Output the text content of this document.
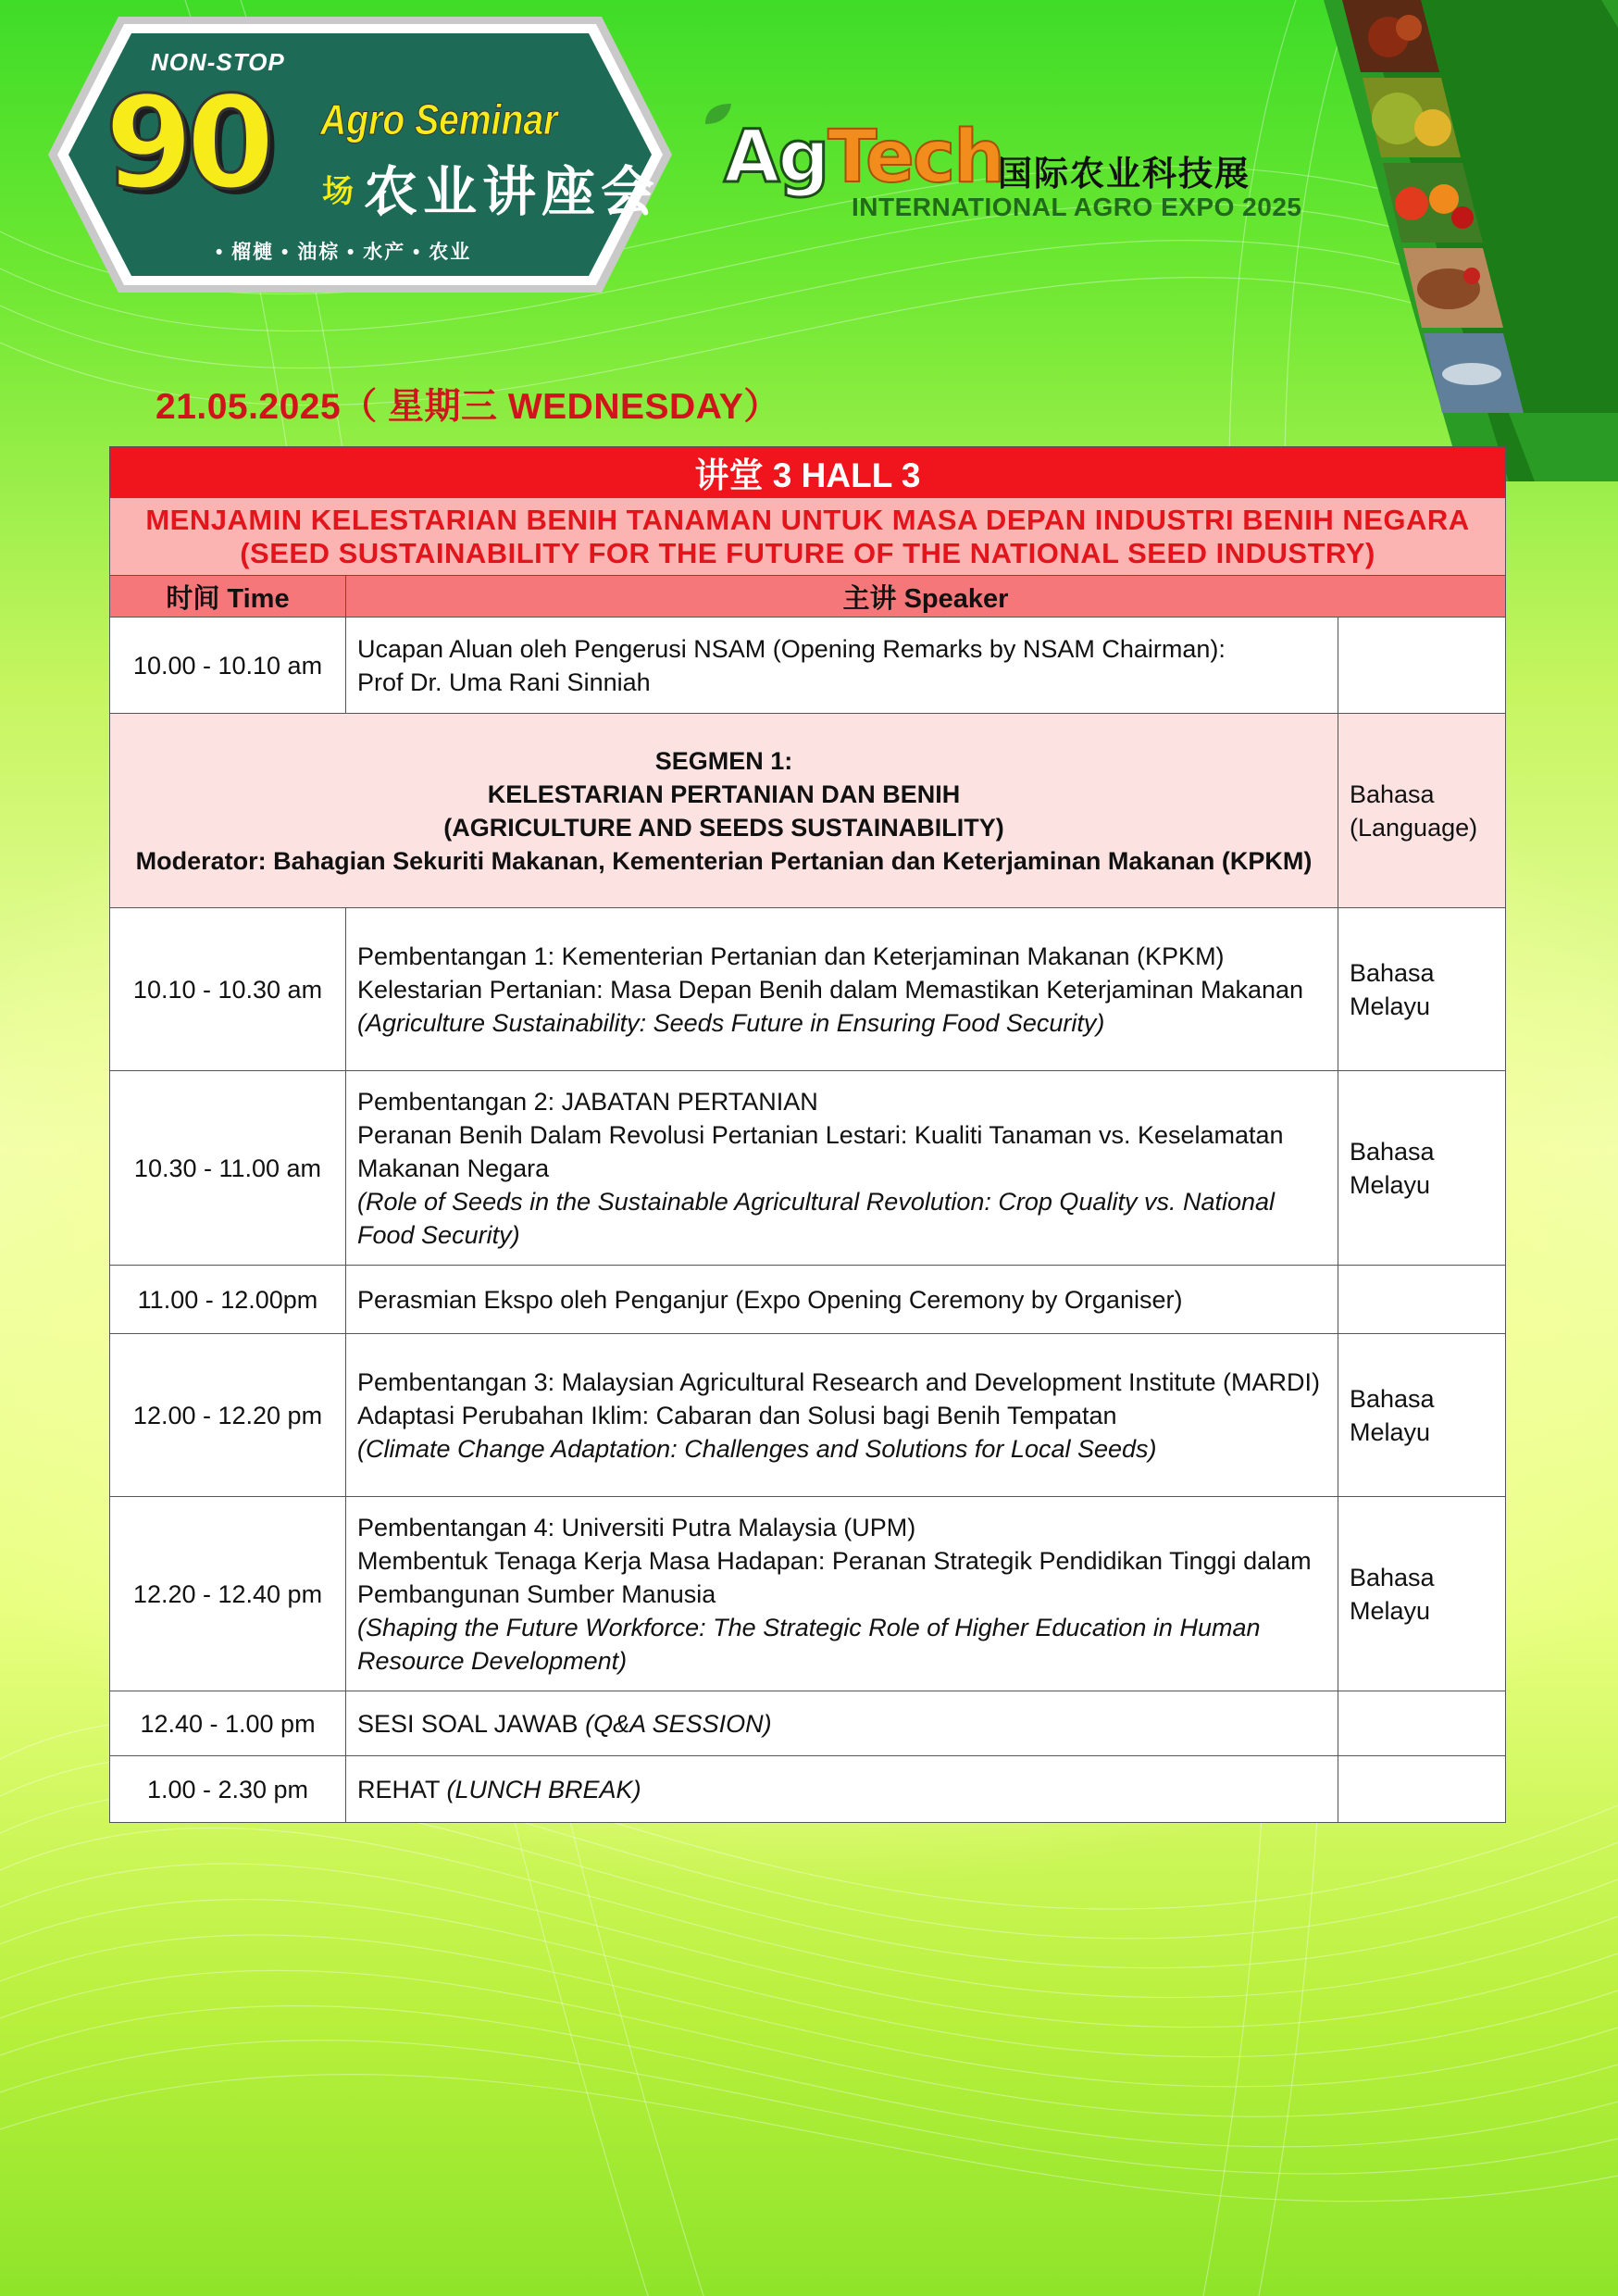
NON-STOP
90 Agro Seminar
场 农业讲座会
• 榴槤 • 油棕 • 水产 • 农业
AgTech
国际农业科技展
INTERNATIONAL AGRO EXPO 2025
21.05.2025（ 星期三 WEDNESDAY）
讲堂 3 HALL 3		
MENJAMIN KELESTARIAN BENIH TANAMAN UNTUK MASA DEPAN INDUSTRI BENIH NEGARA (SEED SUSTAINABILITY FOR THE FUTURE OF THE NATIONAL SEED INDUSTRY)		
时间 Time	主讲 Speaker	
10.00 - 10.10 am	Ucapan Aluan oleh Pengerusi NSAM (Opening Remarks by NSAM Chairman):
Prof Dr. Uma Rani Sinniah	

SEGMEN 1:
KELESTARIAN PERTANIAN DAN BENIH
(AGRICULTURE AND SEEDS SUSTAINABILITY)
Moderator: Bahagian Sekuriti Makanan, Kementerian Pertanian dan Keterjaminan Makanan (KPKM)		Bahasa
(Language)

10.10 - 10.30 am	Pembentangan 1: Kementerian Pertanian dan Keterjaminan Makanan (KPKM)
Kelestarian Pertanian: Masa Depan Benih dalam Memastikan Keterjaminan Makanan
(Agriculture Sustainability: Seeds Future in Ensuring Food Security)	Bahasa
Melayu

10.30 - 11.00 am	Pembentangan 2: JABATAN PERTANIAN
Peranan Benih Dalam Revolusi Pertanian Lestari: Kualiti Tanaman vs. Keselamatan Makanan Negara
(Role of Seeds in the Sustainable Agricultural Revolution: Crop Quality vs. National Food Security)	Bahasa
Melayu

11.00 - 12.00pm	Perasmian Ekspo oleh Penganjur (Expo Opening Ceremony by Organiser)	
12.00 - 12.20 pm	Pembentangan 3: Malaysian Agricultural Research and Development Institute (MARDI)
Adaptasi Perubahan Iklim: Cabaran dan Solusi bagi Benih Tempatan
(Climate Change Adaptation: Challenges and Solutions for Local Seeds)	Bahasa
Melayu

12.20 - 12.40 pm	Pembentangan 4: Universiti Putra Malaysia (UPM)
Membentuk Tenaga Kerja Masa Hadapan: Peranan Strategik Pendidikan Tinggi dalam Pembangunan Sumber Manusia
(Shaping the Future Workforce: The Strategic Role of Higher Education in Human Resource Development)	Bahasa
Melayu

12.40 - 1.00 pm	SESI SOAL JAWAB (Q&A SESSION)	
1.00 - 2.30 pm	REHAT (LUNCH BREAK)	
